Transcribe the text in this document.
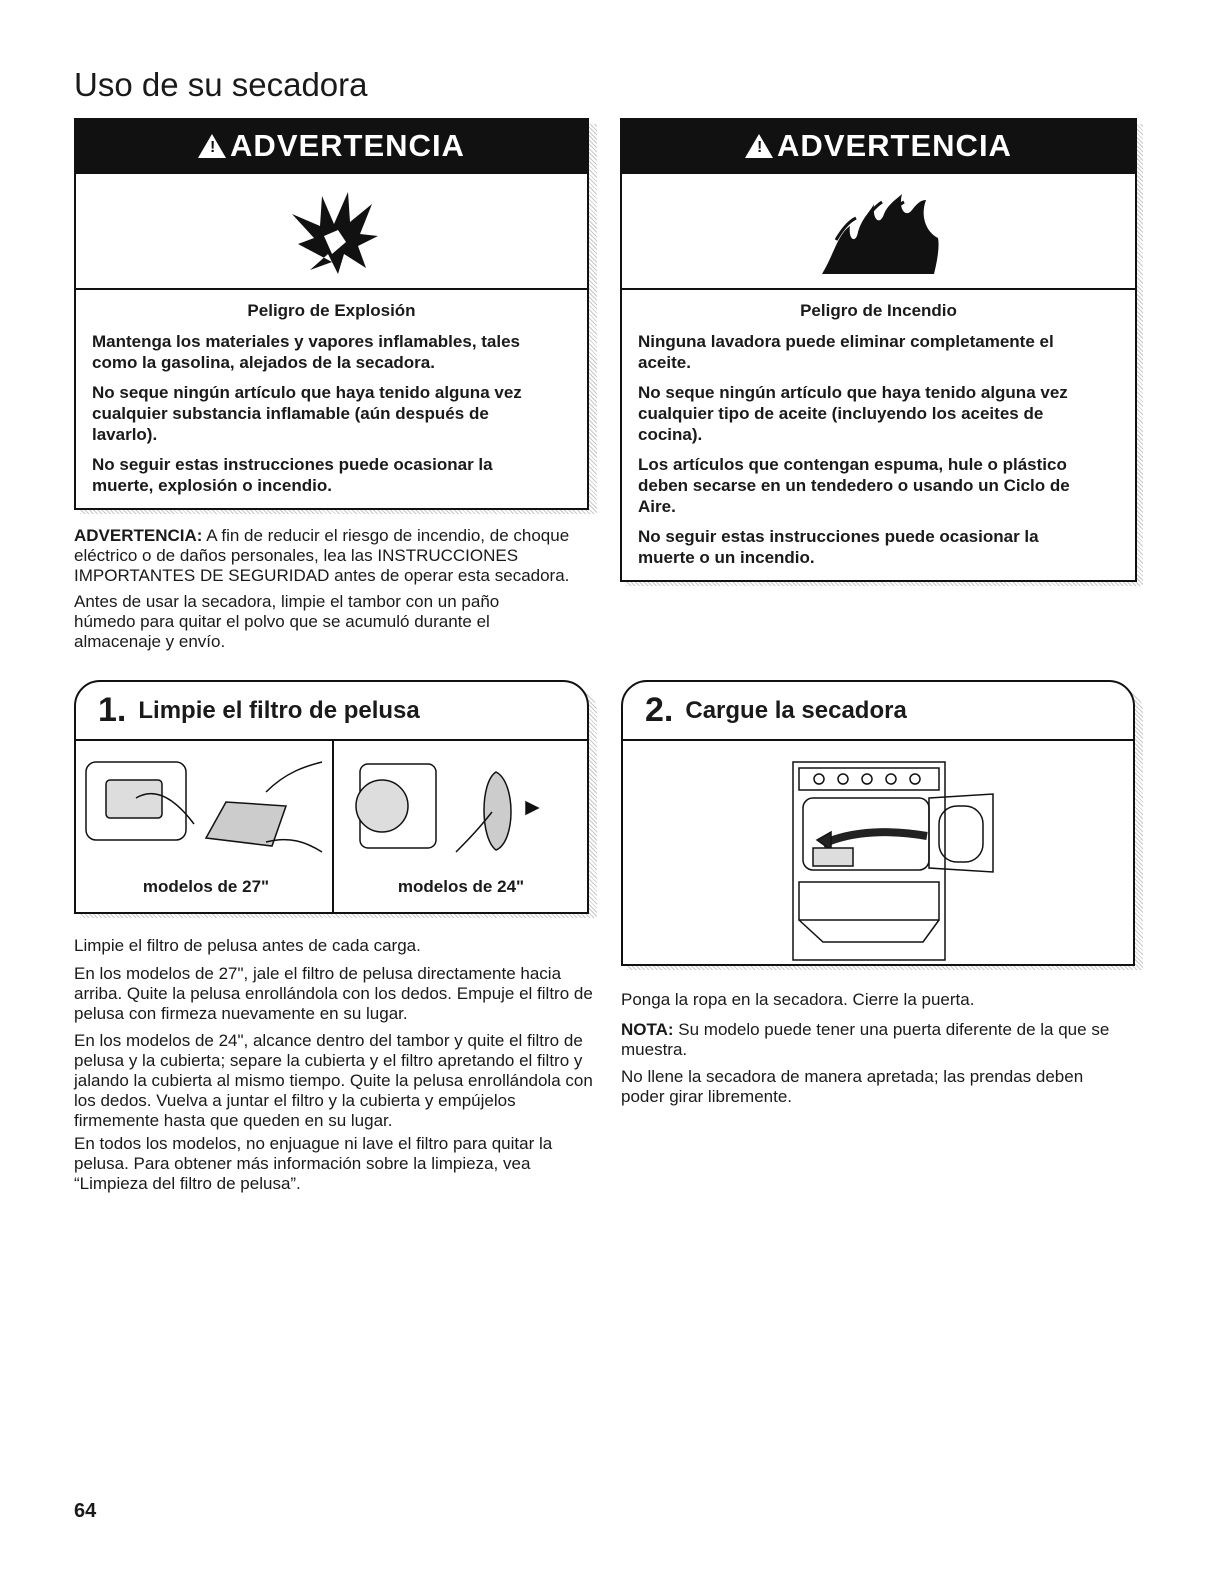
Uso de su secadora
! ADVERTENCIA

Peligro de Explosión

Mantenga los materiales y vapores inflamables, tales como la gasolina, alejados de la secadora.

No seque ningún artículo que haya tenido alguna vez cualquier substancia inflamable (aún después de lavarlo).

No seguir estas instrucciones puede ocasionar la muerte, explosión o incendio.

! ADVERTENCIA

Peligro de Incendio

Ninguna lavadora puede eliminar completamente el aceite.

No seque ningún artículo que haya tenido alguna vez cualquier tipo de aceite (incluyendo los aceites de cocina).

Los artículos que contengan espuma, hule o plástico deben secarse en un tendedero o usando un Ciclo de Aire.

No seguir estas instrucciones puede ocasionar la muerte o un incendio.

ADVERTENCIA: A fin de reducir el riesgo de incendio, de choque eléctrico o de daños personales, lea las INSTRUCCIONES IMPORTANTES DE SEGURIDAD antes de operar esta secadora.

Antes de usar la secadora, limpie el tambor con un paño húmedo para quitar el polvo que se acumuló durante el almacenaje y envío.

1. Limpie el filtro de pelusa
modelos de 27"	modelos de 24"

Limpie el filtro de pelusa antes de cada carga.

En los modelos de 27", jale el filtro de pelusa directamente hacia arriba. Quite la pelusa enrollándola con los dedos. Empuje el filtro de pelusa con firmeza nuevamente en su lugar.

En los modelos de 24", alcance dentro del tambor y quite el filtro de pelusa y la cubierta; separe la cubierta y el filtro apretando el filtro y jalando la cubierta al mismo tiempo. Quite la pelusa enrollándola con los dedos. Vuelva a juntar el filtro y la cubierta y empújelos firmemente hasta que queden en su lugar.

En todos los modelos, no enjuague ni lave el filtro para quitar la pelusa. Para obtener más información sobre la limpieza, vea “Limpieza del filtro de pelusa”.

2. Cargue la secadora

Ponga la ropa en la secadora. Cierre la puerta.

NOTA: Su modelo puede tener una puerta diferente de la que se muestra.

No llene la secadora de manera apretada; las prendas deben poder girar libremente.

64
